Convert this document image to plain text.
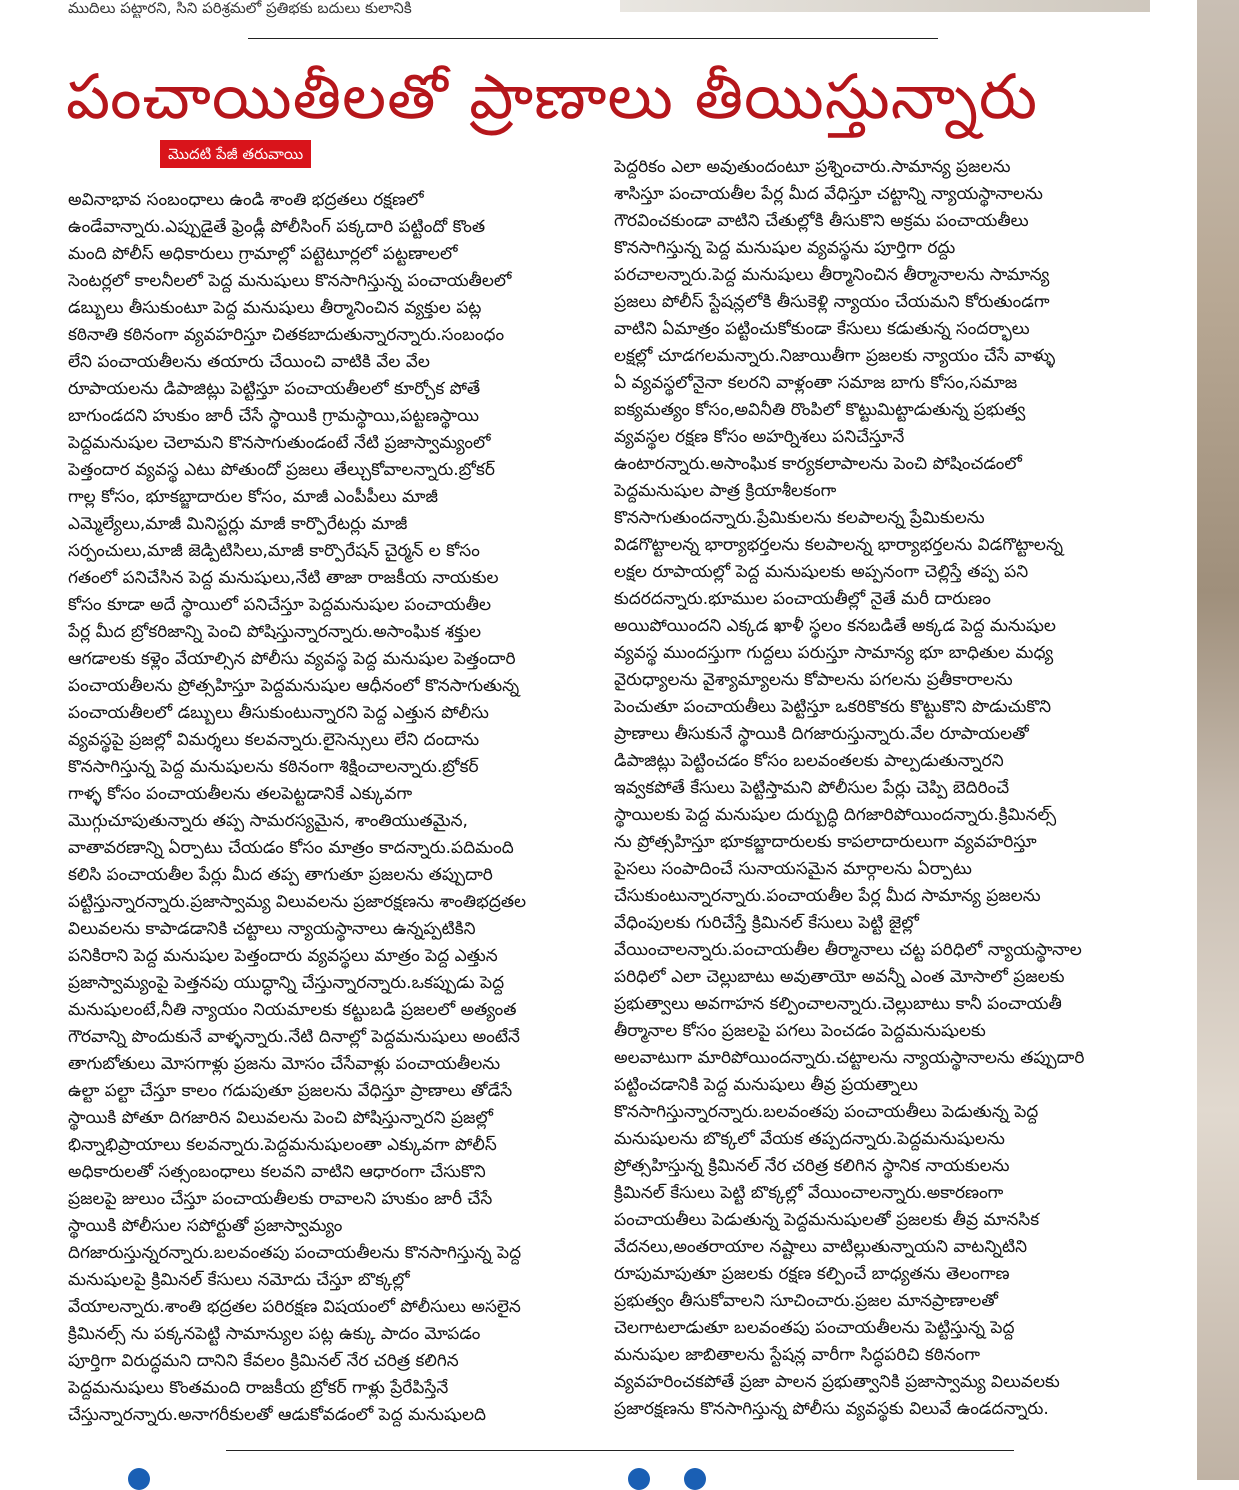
ముదిలు పట్టారని, సిని పరిశ్రమలో ప్రతిభకు బదులు కులానికి
పంచాయితీలతో ప్రాణాలు తీయిస్తున్నారు
మొదటి పేజీ తరువాయి
అవినాభావ సంబంధాలు ఉండి శాంతి భద్రతలు రక్షణలో
ఉండేవాన్నారు.ఎప్పుడైతే ఫ్రెండ్లీ పోలీసింగ్ పక్కదారి పట్టిందో కొంత
మంది పోలీస్ అధికారులు గ్రామాల్లో పట్టెటూర్లలో పట్టణాలలో
సెంటర్లలో కాలనీలలో పెద్ద మనుషులు కొనసాగిస్తున్న పంచాయతీలలో
డబ్బులు తీసుకుంటూ పెద్ద మనుషులు తీర్మానించిన వ్యక్తుల పట్ల
కఠినాతి కఠినంగా వ్యవహరిస్తూ చితకబాదుతున్నారన్నారు.సంబంధం
లేని పంచాయతీలను తయారు చేయించి వాటికి వేల వేల
రూపాయలను డిపాజిట్లు పెట్టిస్తూ పంచాయతీలలో కూర్చోక పోతే
బాగుండదని హుకుం జారీ చేసే స్థాయికి గ్రామస్థాయి,పట్టణస్థాయి
పెద్దమనుషుల చెలామని కొనసాగుతుండంటే నేటి ప్రజాస్వామ్యంలో
పెత్తందార వ్యవస్థ ఎటు పోతుందో ప్రజలు తేల్చుకోవాలన్నారు.బ్రోకర్
గాల్ల కోసం, భూకబ్జాదారుల కోసం, మాజీ ఎంపీపీలు మాజీ
ఎమ్మెల్యేలు,మాజీ మినిస్టర్లు మాజీ కార్పొరేటర్లు మాజీ
సర్పంచులు,మాజీ జెడ్పిటిసిలు,మాజీ కార్పొరేషన్ చైర్మన్ ల కోసం
గతంలో పనిచేసిన పెద్ద మనుషులు,నేటి తాజా రాజకీయ నాయకుల
కోసం కూడా అదే స్థాయిలో పనిచేస్తూ పెద్దమనుషుల పంచాయతీల
పేర్ల మీద బ్రోకరిజాన్ని పెంచి పోషిస్తున్నారన్నారు.అసాంఘిక శక్తుల
ఆగడాలకు కళ్లెం వేయాల్సిన పోలీసు వ్యవస్థ పెద్ద మనుషుల పెత్తందారి
పంచాయతీలను ప్రోత్సహిస్తూ పెద్దమనుషుల ఆధీనంలో కొనసాగుతున్న
పంచాయతీలలో డబ్బులు తీసుకుంటున్నారని పెద్ద ఎత్తున పోలీసు
వ్యవస్థపై ప్రజల్లో విమర్శలు కలవన్నారు.లైసెన్సులు లేని దందాను
కొనసాగిస్తున్న పెద్ద మనుషులను కఠినంగా శిక్షించాలన్నారు.బ్రోకర్
గాళ్ళ కోసం పంచాయతీలను తలపెట్టడానికే ఎక్కువగా
మొగ్గుచూపుతున్నారు తప్ప సామరస్యమైన, శాంతియుతమైన,
వాతావరణాన్ని ఏర్పాటు చేయడం కోసం మాత్రం కాదన్నారు.పదిమంది
కలిసి పంచాయతీల పేర్లు మీద తప్ప తాగుతూ ప్రజలను తప్పుదారి
పట్టిస్తున్నారన్నారు.ప్రజాస్వామ్య విలువలను ప్రజారక్షణను శాంతిభద్రతల
విలువలను కాపాడడానికి చట్టాలు న్యాయస్థానాలు ఉన్నప్పటికిని
పనికిరాని పెద్ద మనుషుల పెత్తందారు వ్యవస్థలు మాత్రం పెద్ద ఎత్తున
ప్రజాస్వామ్యంపై పెత్తనపు యుద్ధాన్ని చేస్తున్నారన్నారు.ఒకప్పుడు పెద్ద
మనుషులంటే,నీతి న్యాయం నియమాలకు కట్టుబడి ప్రజలలో అత్యంత
గౌరవాన్ని పొందుకునే వాళ్ళన్నారు.నేటి దినాల్లో పెద్దమనుషులు అంటేనే
తాగుబోతులు మోసగాళ్లు ప్రజను మోసం చేసేవాళ్లు పంచాయతీలను
ఉల్టా పల్టా చేస్తూ కాలం గడుపుతూ ప్రజలను వేధిస్తూ ప్రాణాలు తోడేసే
స్థాయికి పోతూ దిగజారిన విలువలను పెంచి పోషిస్తున్నారని ప్రజల్లో
భిన్నాభిప్రాయాలు కలవన్నారు.పెద్దమనుషులంతా ఎక్కువగా పోలీస్
అధికారులతో సత్సంబంధాలు కలవని వాటిని ఆధారంగా చేసుకొని
ప్రజలపై జులుం చేస్తూ పంచాయతీలకు రావాలని హుకుం జారీ చేసే
స్థాయికి పోలీసుల సపోర్టుతో ప్రజాస్వామ్యం
దిగజారుస్తున్నరన్నారు.బలవంతపు పంచాయతీలను కొనసాగిస్తున్న పెద్ద
మనుషులపై క్రిమినల్ కేసులు నమోదు చేస్తూ బొక్కల్లో
వేయాలన్నారు.శాంతి భద్రతల పరిరక్షణ విషయంలో పోలీసులు అసలైన
క్రిమినల్స్ ను పక్కనపెట్టి సామాన్యుల పట్ల ఉక్కు పాదం మోపడం
పూర్తిగా విరుద్ధమని దానిని కేవలం క్రిమినల్ నేర చరిత్ర కలిగిన
పెద్దమనుషులు కొంతమంది రాజకీయ బ్రోకర్ గాళ్లు ప్రేరేపిస్తేనే
చేస్తున్నారన్నారు.అనాగరీకులతో ఆడుకోవడంలో పెద్ద మనుషులది
పెద్దరికం ఎలా అవుతుందంటూ ప్రశ్నించారు.సామాన్య ప్రజలను
శాసిస్తూ పంచాయతీల పేర్ల మీద వేధిస్తూ చట్టాన్ని న్యాయస్థానాలను
గౌరవించకుండా వాటిని చేతుల్లోకి తీసుకొని అక్రమ పంచాయతీలు
కొనసాగిస్తున్న పెద్ద మనుషుల వ్యవస్థను పూర్తిగా రద్దు
పరచాలన్నారు.పెద్ద మనుషులు తీర్మానించిన తీర్మానాలను సామాన్య
ప్రజలు పోలీస్ స్టేషన్లలోకి తీసుకెళ్లి న్యాయం చేయమని కోరుతుండగా
వాటిని ఏమాత్రం పట్టించుకోకుండా కేసులు కడుతున్న సందర్భాలు
లక్షల్లో చూడగలమన్నారు.నిజాయితీగా ప్రజలకు న్యాయం చేసే వాళ్ళు
ఏ వ్యవస్థలోనైనా కలరని వాళ్లంతా సమాజ బాగు కోసం,సమాజ
ఐక్యమత్యం కోసం,అవినీతి రొంపిలో కొట్టుమిట్టాడుతున్న ప్రభుత్వ
వ్యవస్థల రక్షణ కోసం అహర్నిశలు పనిచేస్తూనే
ఉంటారన్నారు.అసాంఘిక కార్యకలాపాలను పెంచి పోషించడంలో
పెద్దమనుషుల పాత్ర క్రియాశీలకంగా
కొనసాగుతుందన్నారు.ప్రేమికులను కలపాలన్న ప్రేమికులను
విడగొట్టాలన్న భార్యాభర్తలను కలపాలన్న భార్యాభర్తలను విడగొట్టాలన్న
లక్షల రూపాయల్లో పెద్ద మనుషులకు అప్పనంగా చెల్లిస్తే తప్ప పని
కుదరదన్నారు.భూముల పంచాయతీల్లో నైతే మరీ దారుణం
అయిపోయిందని ఎక్కడ ఖాళీ స్థలం కనబడితే అక్కడ పెద్ద మనుషుల
వ్యవస్థ ముందస్తుగా గుద్దలు పరుస్తూ సామాన్య భూ బాధితుల మధ్య
వైరుధ్యాలను వైశ్యామ్యాలను కోపాలను పగలను ప్రతీకారాలను
పెంచుతూ పంచాయతీలు పెట్టిస్తూ ఒకరికొకరు కొట్టుకొని పొడుచుకొని
ప్రాణాలు తీసుకునే స్థాయికి దిగజారుస్తున్నారు.వేల రూపాయలతో
డిపాజిట్లు పెట్టించడం కోసం బలవంతలకు పాల్పడుతున్నారని
ఇవ్వకపోతే కేసులు పెట్టిస్తామని పోలీసుల పేర్లు చెప్పి బెదిరించే
స్థాయిలకు పెద్ద మనుషుల దుర్బుద్ధి దిగజారిపోయిందన్నారు.క్రిమినల్స్
ను ప్రోత్సహిస్తూ భూకబ్జాదారులకు కాపలాదారులుగా వ్యవహరిస్తూ
పైసలు సంపాదించే సునాయసమైన మార్గాలను ఏర్పాటు
చేసుకుంటున్నారన్నారు.పంచాయతీల పేర్ల మీద సామాన్య ప్రజలను
వేధింపులకు గురిచేస్తే క్రిమినల్ కేసులు పెట్టి జైల్లో
వేయించాలన్నారు.పంచాయతీల తీర్మానాలు చట్ట పరిధిలో న్యాయస్థానాల
పరిధిలో ఎలా చెల్లుబాటు అవుతాయో అవన్నీ ఎంత మోసాలో ప్రజలకు
ప్రభుత్వాలు అవగాహన కల్పించాలన్నారు.చెల్లుబాటు కానీ పంచాయతీ
తీర్మానాల కోసం ప్రజలపై పగలు పెంచడం పెద్దమనుషులకు
అలవాటుగా మారిపోయిందన్నారు.చట్టాలను న్యాయస్థానాలను తప్పుదారి
పట్టించడానికి పెద్ద మనుషులు తీవ్ర ప్రయత్నాలు
కొనసాగిస్తున్నారన్నారు.బలవంతపు పంచాయతీలు పెడుతున్న పెద్ద
మనుషులను బొక్కలో వేయక తప్పదన్నారు.పెద్దమనుషులను
ప్రోత్సహిస్తున్న క్రిమినల్ నేర చరిత్ర కలిగిన స్థానిక నాయకులను
క్రిమినల్ కేసులు పెట్టి బొక్కల్లో వేయించాలన్నారు.అకారణంగా
పంచాయతీలు పెడుతున్న పెద్దమనుషులతో ప్రజలకు తీవ్ర మానసిక
వేదనలు,అంతరాయాల నష్టాలు వాటిల్లుతున్నాయని వాటన్నిటిని
రూపుమాపుతూ ప్రజలకు రక్షణ కల్పించే బాధ్యతను తెలంగాణ
ప్రభుత్వం తీసుకోవాలని సూచించారు.ప్రజల మానప్రాణాలతో
చెలగాటలాడుతూ బలవంతపు పంచాయతీలను పెట్టిస్తున్న పెద్ద
మనుషుల జాబితాలను స్టేషన్ల వారీగా సిద్ధపరిచి కఠినంగా
వ్యవహరించకపోతే ప్రజా పాలన ప్రభుత్వానికి ప్రజాస్వామ్య విలువలకు
ప్రజారక్షణను కొనసాగిస్తున్న పోలీసు వ్యవస్థకు విలువే ఉండదన్నారు.
